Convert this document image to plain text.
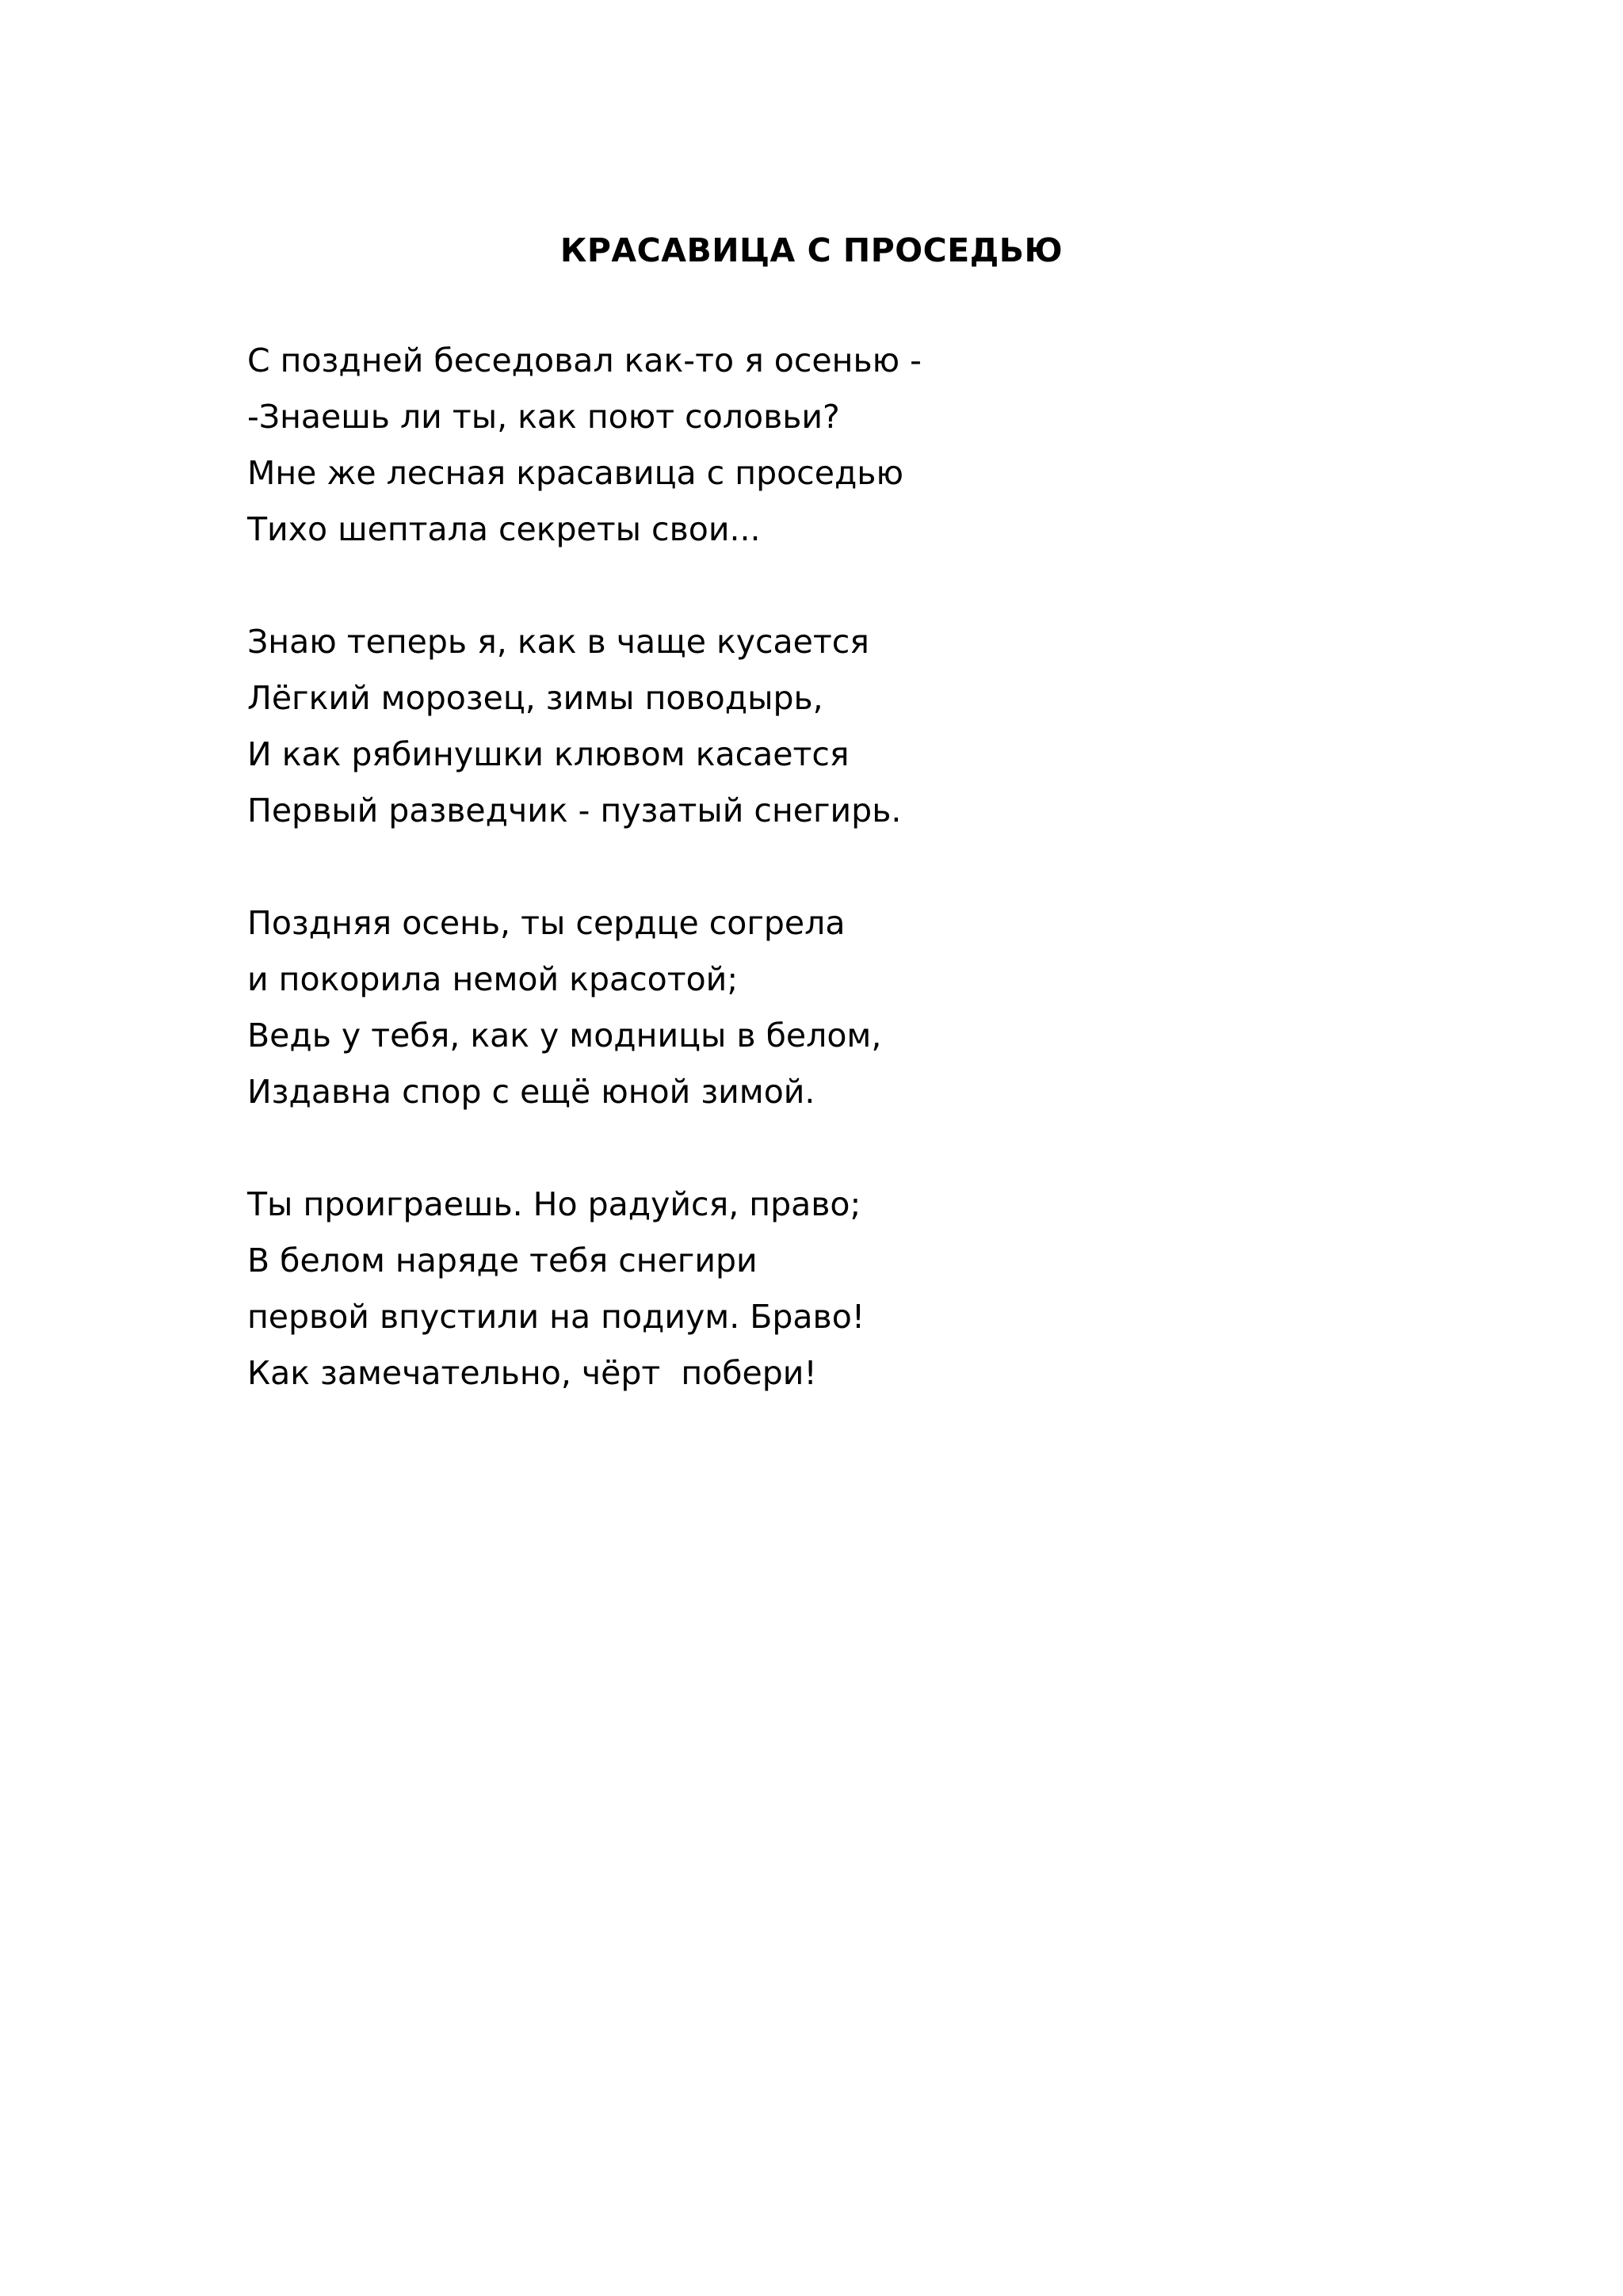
КРАСАВИЦА С ПРОСЕДЬЮ
С поздней беседовал как-то я осенью -
-Знаешь ли ты, как поют соловьи?
Мне же лесная красавица с проседью
Тихо шептала секреты свои...
Знаю теперь я, как в чаще кусается
Лёгкий морозец, зимы поводырь,
И как рябинушки клювом касается
Первый разведчик - пузатый снегирь.
Поздняя осень, ты сердце согрела
и покорила немой красотой;
Ведь у тебя, как у модницы в белом,
Издавна спор с ещё юной зимой.
Ты проиграешь. Но радуйся, право;
В белом наряде тебя снегири
первой впустили на подиум. Браво!
Как замечательно, чёрт  побери!
